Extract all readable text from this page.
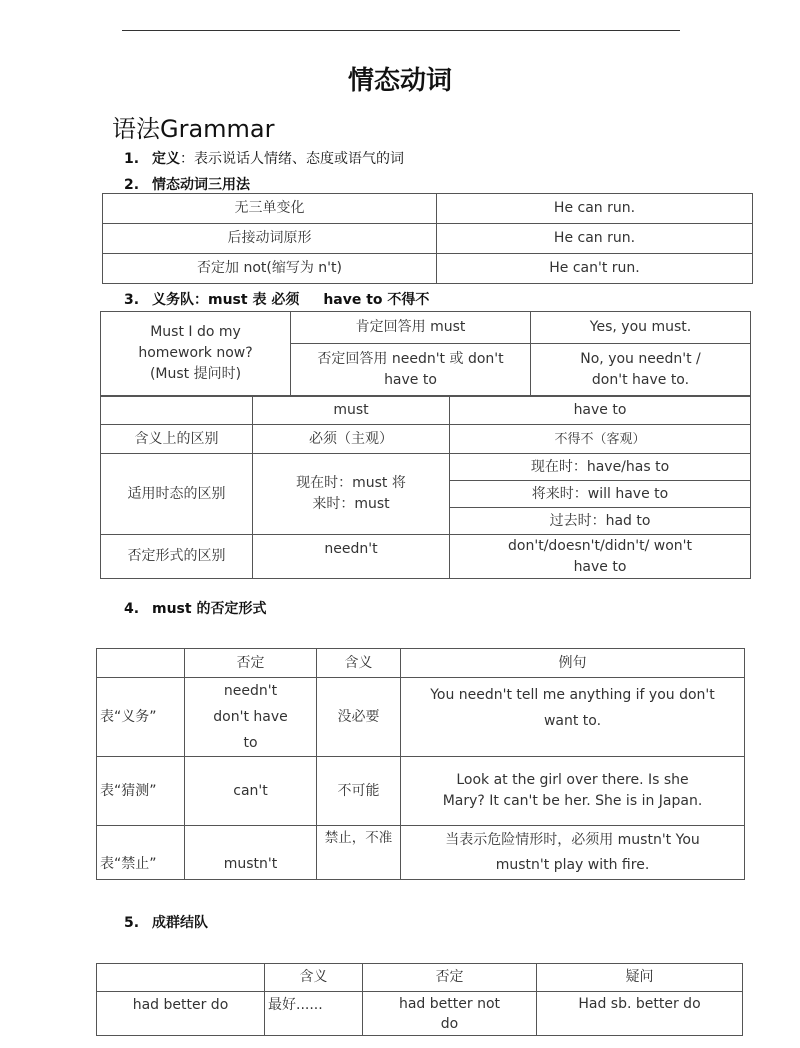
情态动词
语法Grammar
1. 定义：表示说话人情绪、态度或语气的词
2. 情态动词三用法
无三单变化	He can run.
后接动词原形	He can run.
否定加 not(缩写为 n't)	He can't run.
3. 义务队：must 表 必须 have to 不得不
Must I do my homework now? (Must 提问时)	肯定回答用 must	Yes, you must.
	否定回答用 needn't 或 don't have to	No, you needn't / don't have to.
	must	have to
含义上的区别	必须（主观）	不得不（客观）
适用时态的区别	现在时：must 将来时：must	现在时：have/has to
		将来时：will have to
		过去时：had to
否定形式的区别	needn't	don't/doesn't/didn't/ won't have to
4. must 的否定形式
	否定	含义	例句
表“义务”	needn't don't have to	没必要	You needn't tell me anything if you don't want to.
表“猜测”	can't	不可能	Look at the girl over there. Is she Mary? It can't be her. She is in Japan.
表“禁止”	mustn't	禁止，不准	当表示危险情形时，必须用 mustn't You mustn't play with fire.
5. 成群结队
	含义	否定	疑问
had better do	最好......	had better not do	Had sb. better do
